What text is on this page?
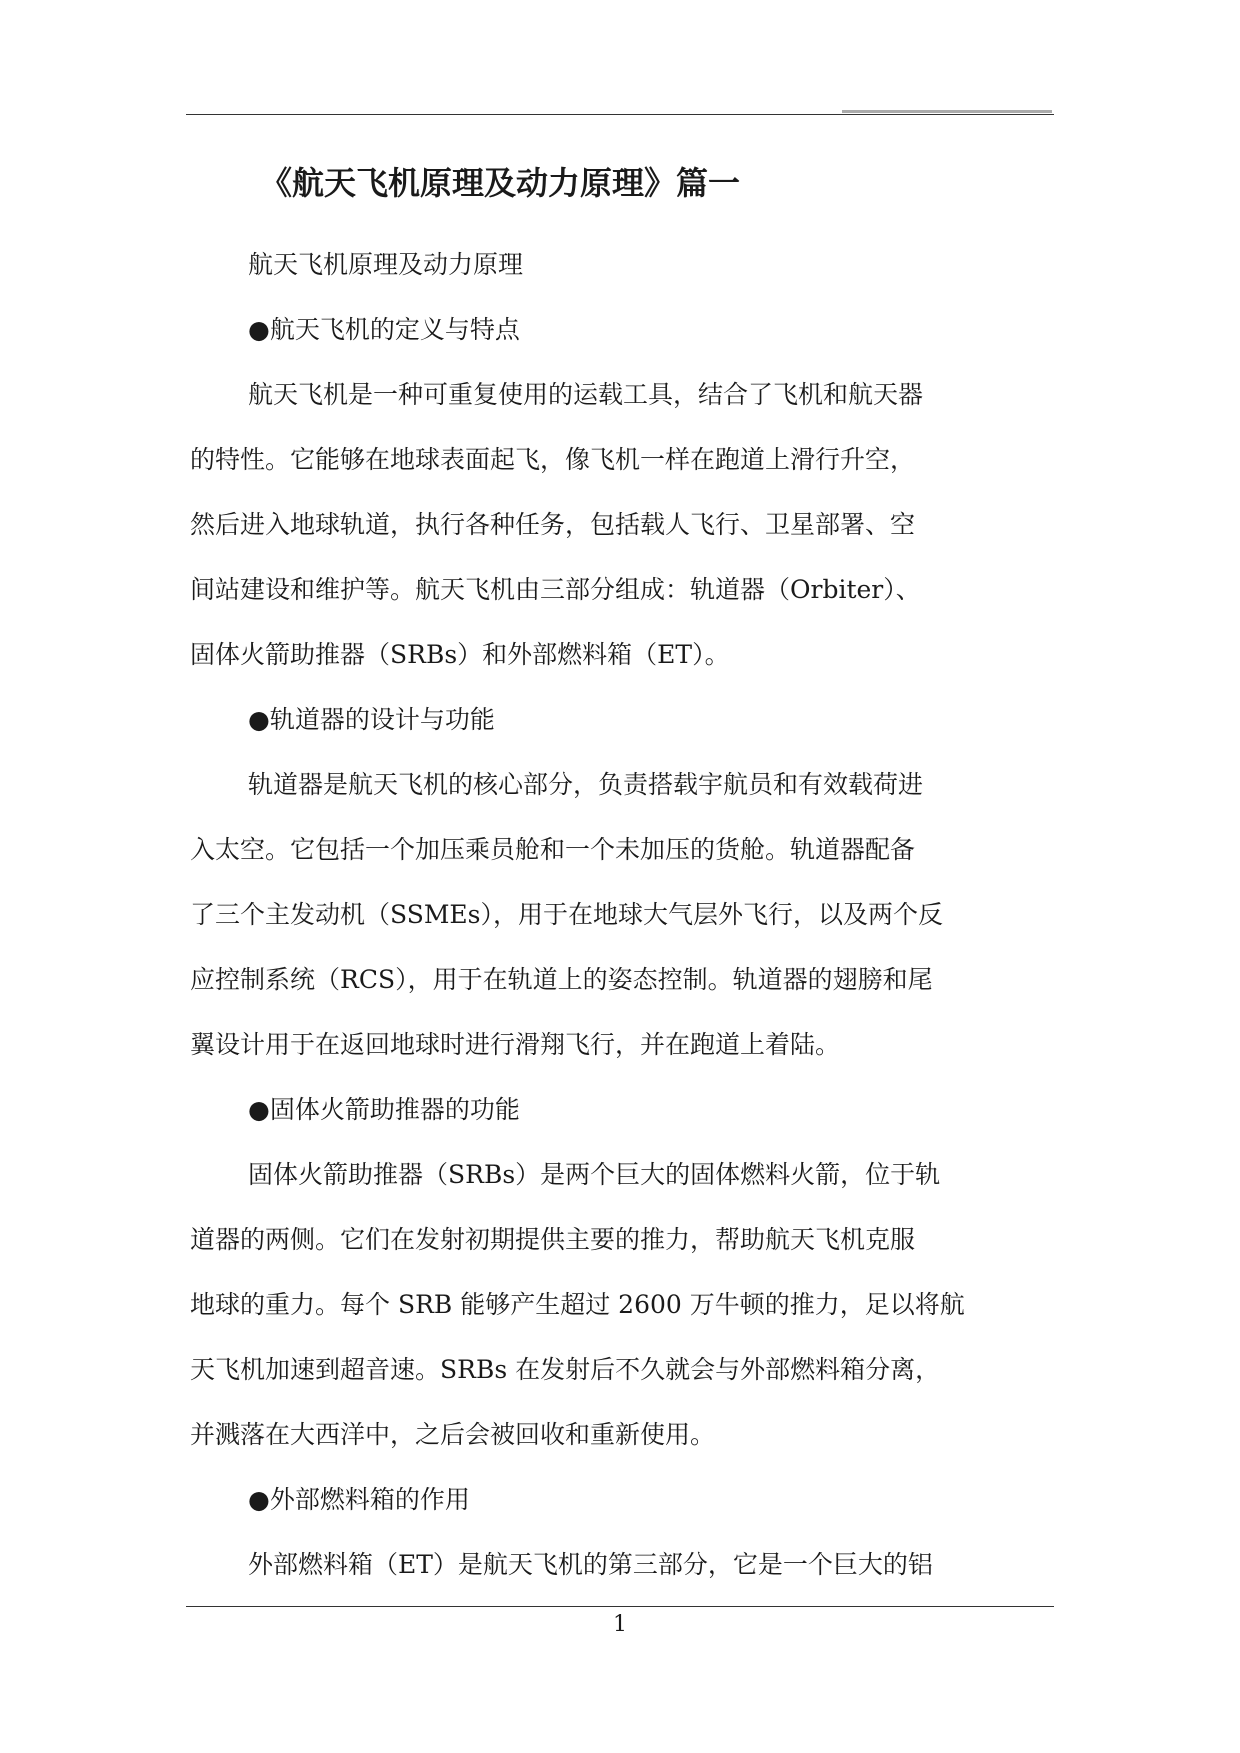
《航天飞机原理及动力原理》篇一
航天飞机原理及动力原理
●航天飞机的定义与特点
航天飞机是一种可重复使用的运载工具，结合了飞机和航天器
的特性。它能够在地球表面起飞，像飞机一样在跑道上滑行升空，
然后进入地球轨道，执行各种任务，包括载人飞行、卫星部署、空
间站建设和维护等。航天飞机由三部分组成：轨道器（Orbiter）、
固体火箭助推器（SRBs）和外部燃料箱（ET）。
●轨道器的设计与功能
轨道器是航天飞机的核心部分，负责搭载宇航员和有效载荷进
入太空。它包括一个加压乘员舱和一个未加压的货舱。轨道器配备
了三个主发动机（SSMEs），用于在地球大气层外飞行，以及两个反
应控制系统（RCS），用于在轨道上的姿态控制。轨道器的翅膀和尾
翼设计用于在返回地球时进行滑翔飞行，并在跑道上着陆。
●固体火箭助推器的功能
固体火箭助推器（SRBs）是两个巨大的固体燃料火箭，位于轨
道器的两侧。它们在发射初期提供主要的推力，帮助航天飞机克服
地球的重力。每个 SRB 能够产生超过 2600 万牛顿的推力，足以将航
天飞机加速到超音速。SRBs 在发射后不久就会与外部燃料箱分离，
并溅落在大西洋中，之后会被回收和重新使用。
●外部燃料箱的作用
外部燃料箱（ET）是航天飞机的第三部分，它是一个巨大的铝
1
